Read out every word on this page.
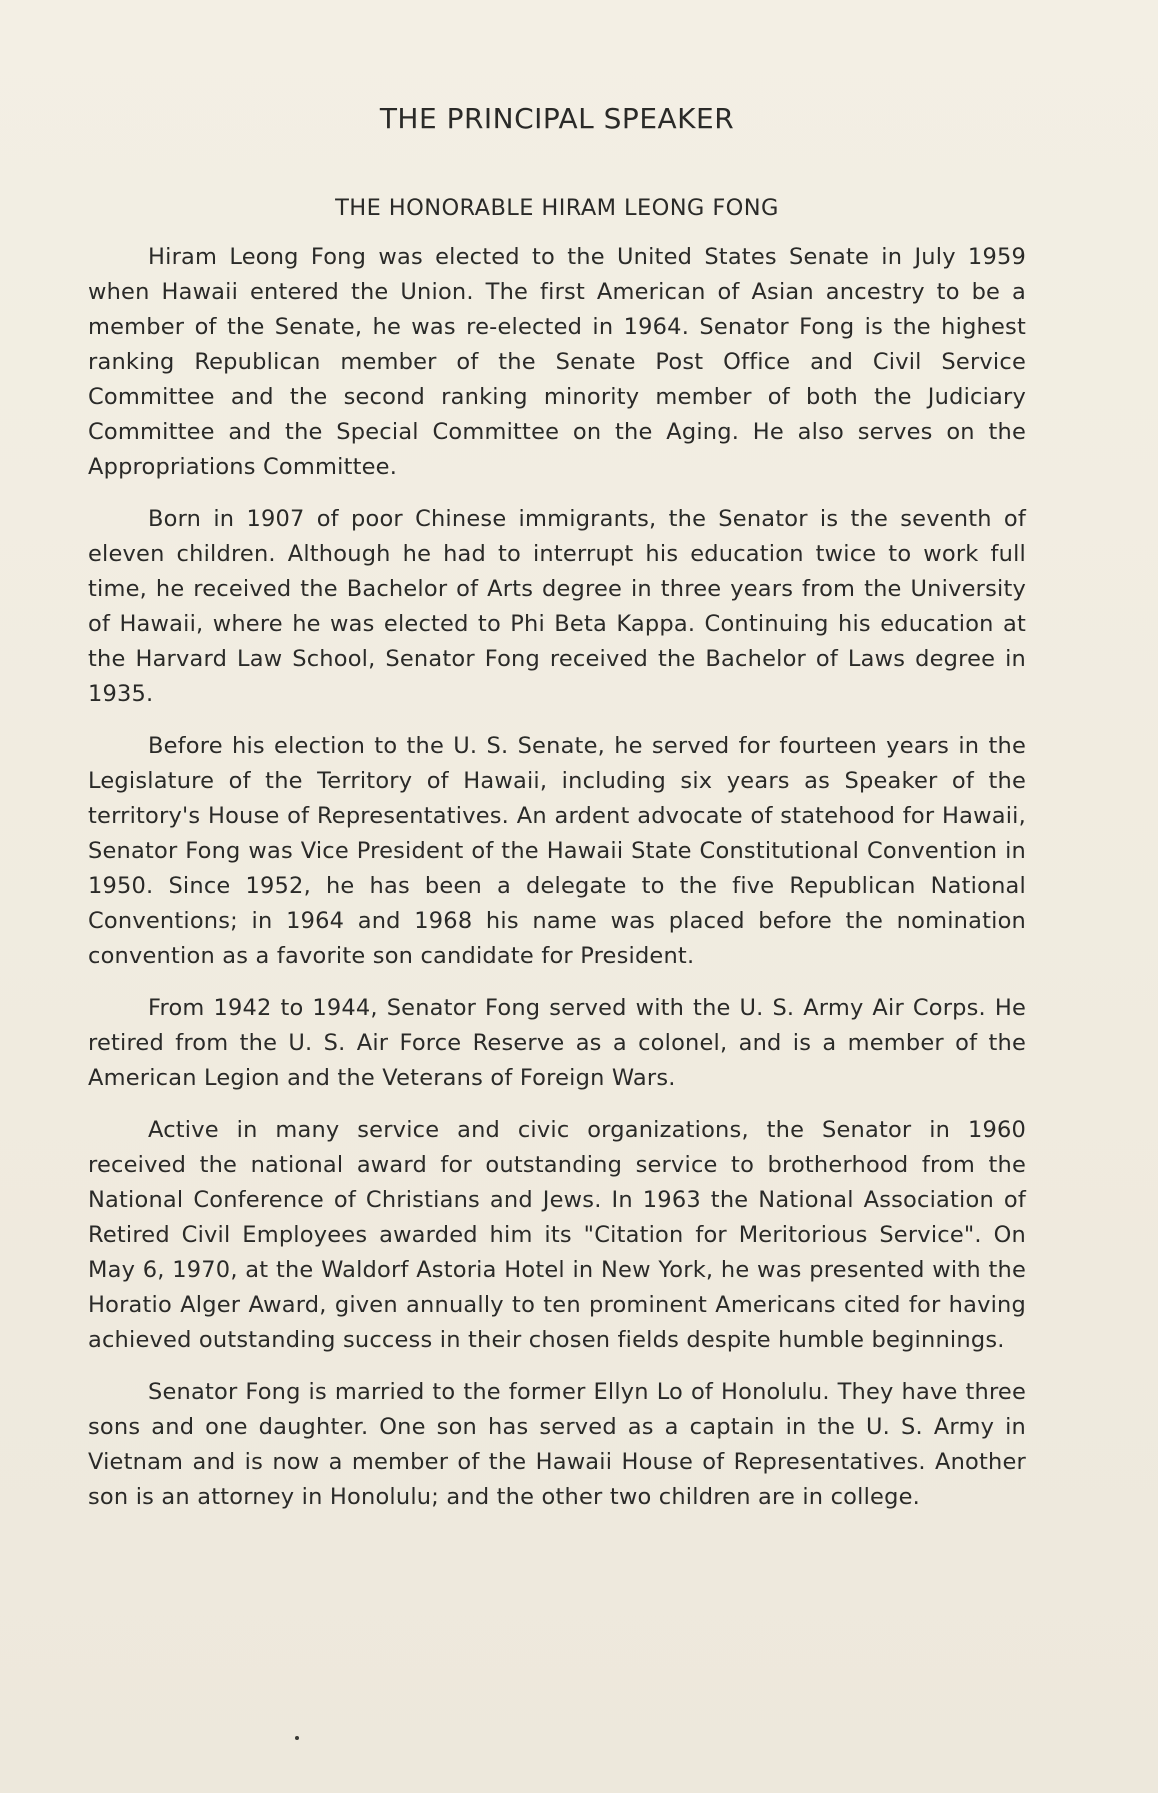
THE PRINCIPAL SPEAKER
THE HONORABLE HIRAM LEONG FONG

Hiram Leong Fong was elected to the United States Senate in July 1959 when Hawaii entered the Union. The first American of Asian ancestry to be a member of the Senate, he was re-elected in 1964. Senator Fong is the highest ranking Republican member of the Senate Post Office and Civil Service Committee and the second ranking minority member of both the Judiciary Committee and the Special Committee on the Aging. He also serves on the Appropriations Committee.

Born in 1907 of poor Chinese immigrants, the Senator is the seventh of eleven children. Although he had to interrupt his education twice to work full time, he received the Bachelor of Arts degree in three years from the University of Hawaii, where he was elected to Phi Beta Kappa. Continuing his education at the Harvard Law School, Senator Fong received the Bachelor of Laws degree in 1935.

Before his election to the U. S. Senate, he served for fourteen years in the Legislature of the Territory of Hawaii, including six years as Speaker of the territory's House of Representatives. An ardent advocate of statehood for Hawaii, Senator Fong was Vice President of the Hawaii State Constitutional Convention in 1950. Since 1952, he has been a delegate to the five Republican National Conventions; in 1964 and 1968 his name was placed before the nomination convention as a favorite son candidate for President.

From 1942 to 1944, Senator Fong served with the U. S. Army Air Corps. He retired from the U. S. Air Force Reserve as a colonel, and is a member of the American Legion and the Veterans of Foreign Wars.

Active in many service and civic organizations, the Senator in 1960 received the national award for outstanding service to brotherhood from the National Conference of Christians and Jews. In 1963 the National Association of Retired Civil Employees awarded him its "Citation for Meritorious Service". On May 6, 1970, at the Waldorf Astoria Hotel in New York, he was presented with the Horatio Alger Award, given annually to ten prominent Americans cited for having achieved outstanding success in their chosen fields despite humble beginnings.

Senator Fong is married to the former Ellyn Lo of Honolulu. They have three sons and one daughter. One son has served as a captain in the U. S. Army in Vietnam and is now a member of the Hawaii House of Representatives. Another son is an attorney in Honolulu; and the other two children are in college.
